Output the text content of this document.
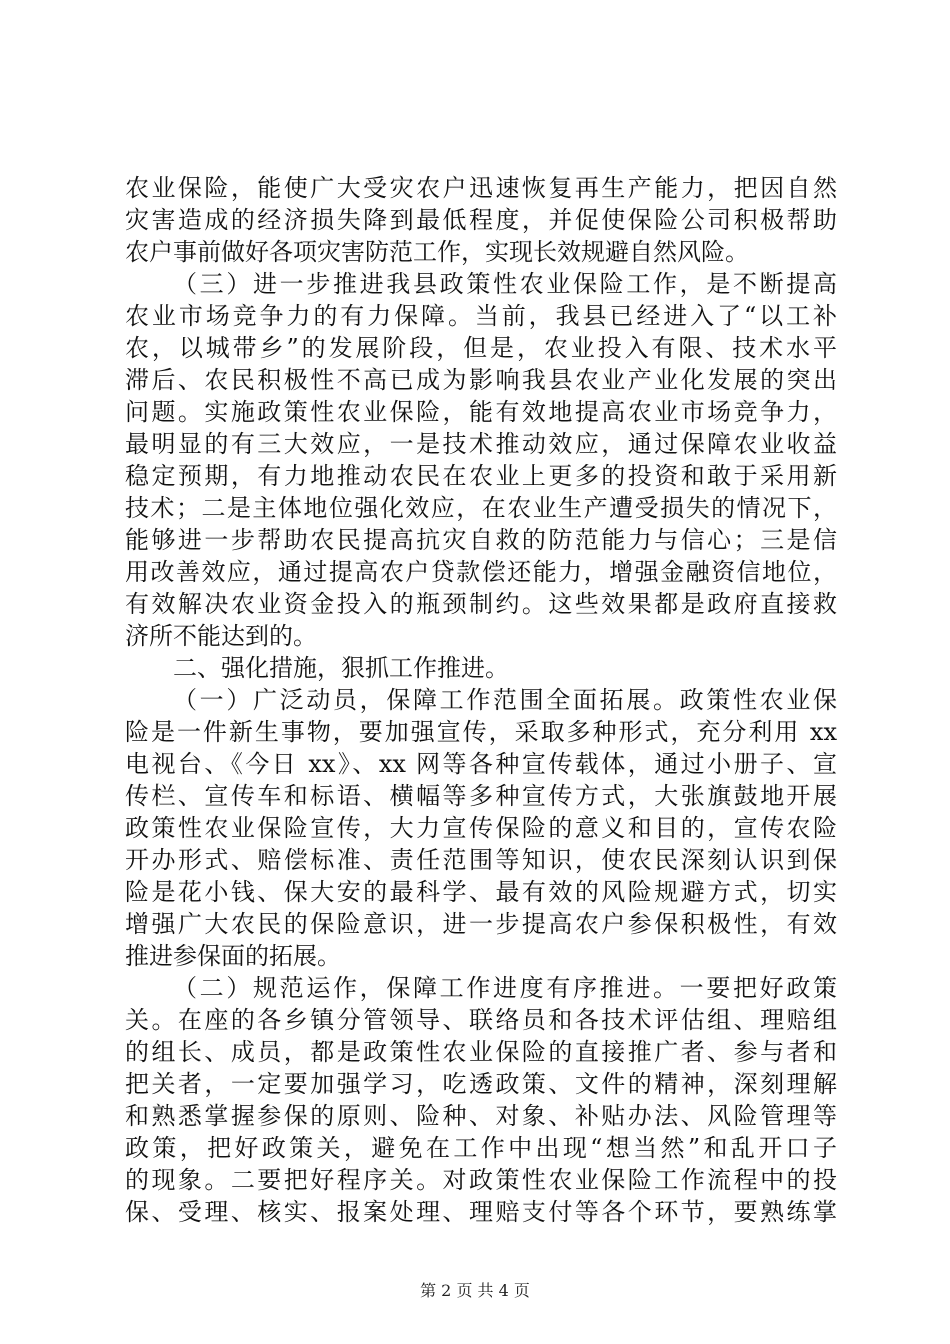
农业保险，能使广大受灾农户迅速恢复再生产能力，把因自然
灾害造成的经济损失降到最低程度，并促使保险公司积极帮助
农户事前做好各项灾害防范工作，实现长效规避自然风险。
（三）进一步推进我县政策性农业保险工作，是不断提高
农业市场竞争力的有力保障。当前，我县已经进入了“以工补
农，以城带乡”的发展阶段，但是，农业投入有限、技术水平
滞后、农民积极性不高已成为影响我县农业产业化发展的突出
问题。实施政策性农业保险，能有效地提高农业市场竞争力，
最明显的有三大效应，一是技术推动效应，通过保障农业收益
稳定预期，有力地推动农民在农业上更多的投资和敢于采用新
技术；二是主体地位强化效应，在农业生产遭受损失的情况下，
能够进一步帮助农民提高抗灾自救的防范能力与信心；三是信
用改善效应，通过提高农户贷款偿还能力，增强金融资信地位，
有效解决农业资金投入的瓶颈制约。这些效果都是政府直接救
济所不能达到的。
二、强化措施，狠抓工作推进。
（一）广泛动员，保障工作范围全面拓展。政策性农业保
险是一件新生事物，要加强宣传，采取多种形式，充分利用 xx
电视台、《今日 xx》、xx 网等各种宣传载体，通过小册子、宣
传栏、宣传车和标语、横幅等多种宣传方式，大张旗鼓地开展
政策性农业保险宣传，大力宣传保险的意义和目的，宣传农险
开办形式、赔偿标准、责任范围等知识，使农民深刻认识到保
险是花小钱、保大安的最科学、最有效的风险规避方式，切实
增强广大农民的保险意识，进一步提高农户参保积极性，有效
推进参保面的拓展。
（二）规范运作，保障工作进度有序推进。一要把好政策
关。在座的各乡镇分管领导、联络员和各技术评估组、理赔组
的组长、成员，都是政策性农业保险的直接推广者、参与者和
把关者，一定要加强学习，吃透政策、文件的精神，深刻理解
和熟悉掌握参保的原则、险种、对象、补贴办法、风险管理等
政策，把好政策关，避免在工作中出现“想当然”和乱开口子
的现象。二要把好程序关。对政策性农业保险工作流程中的投
保、受理、核实、报案处理、理赔支付等各个环节，要熟练掌
第 2 页 共 4 页
